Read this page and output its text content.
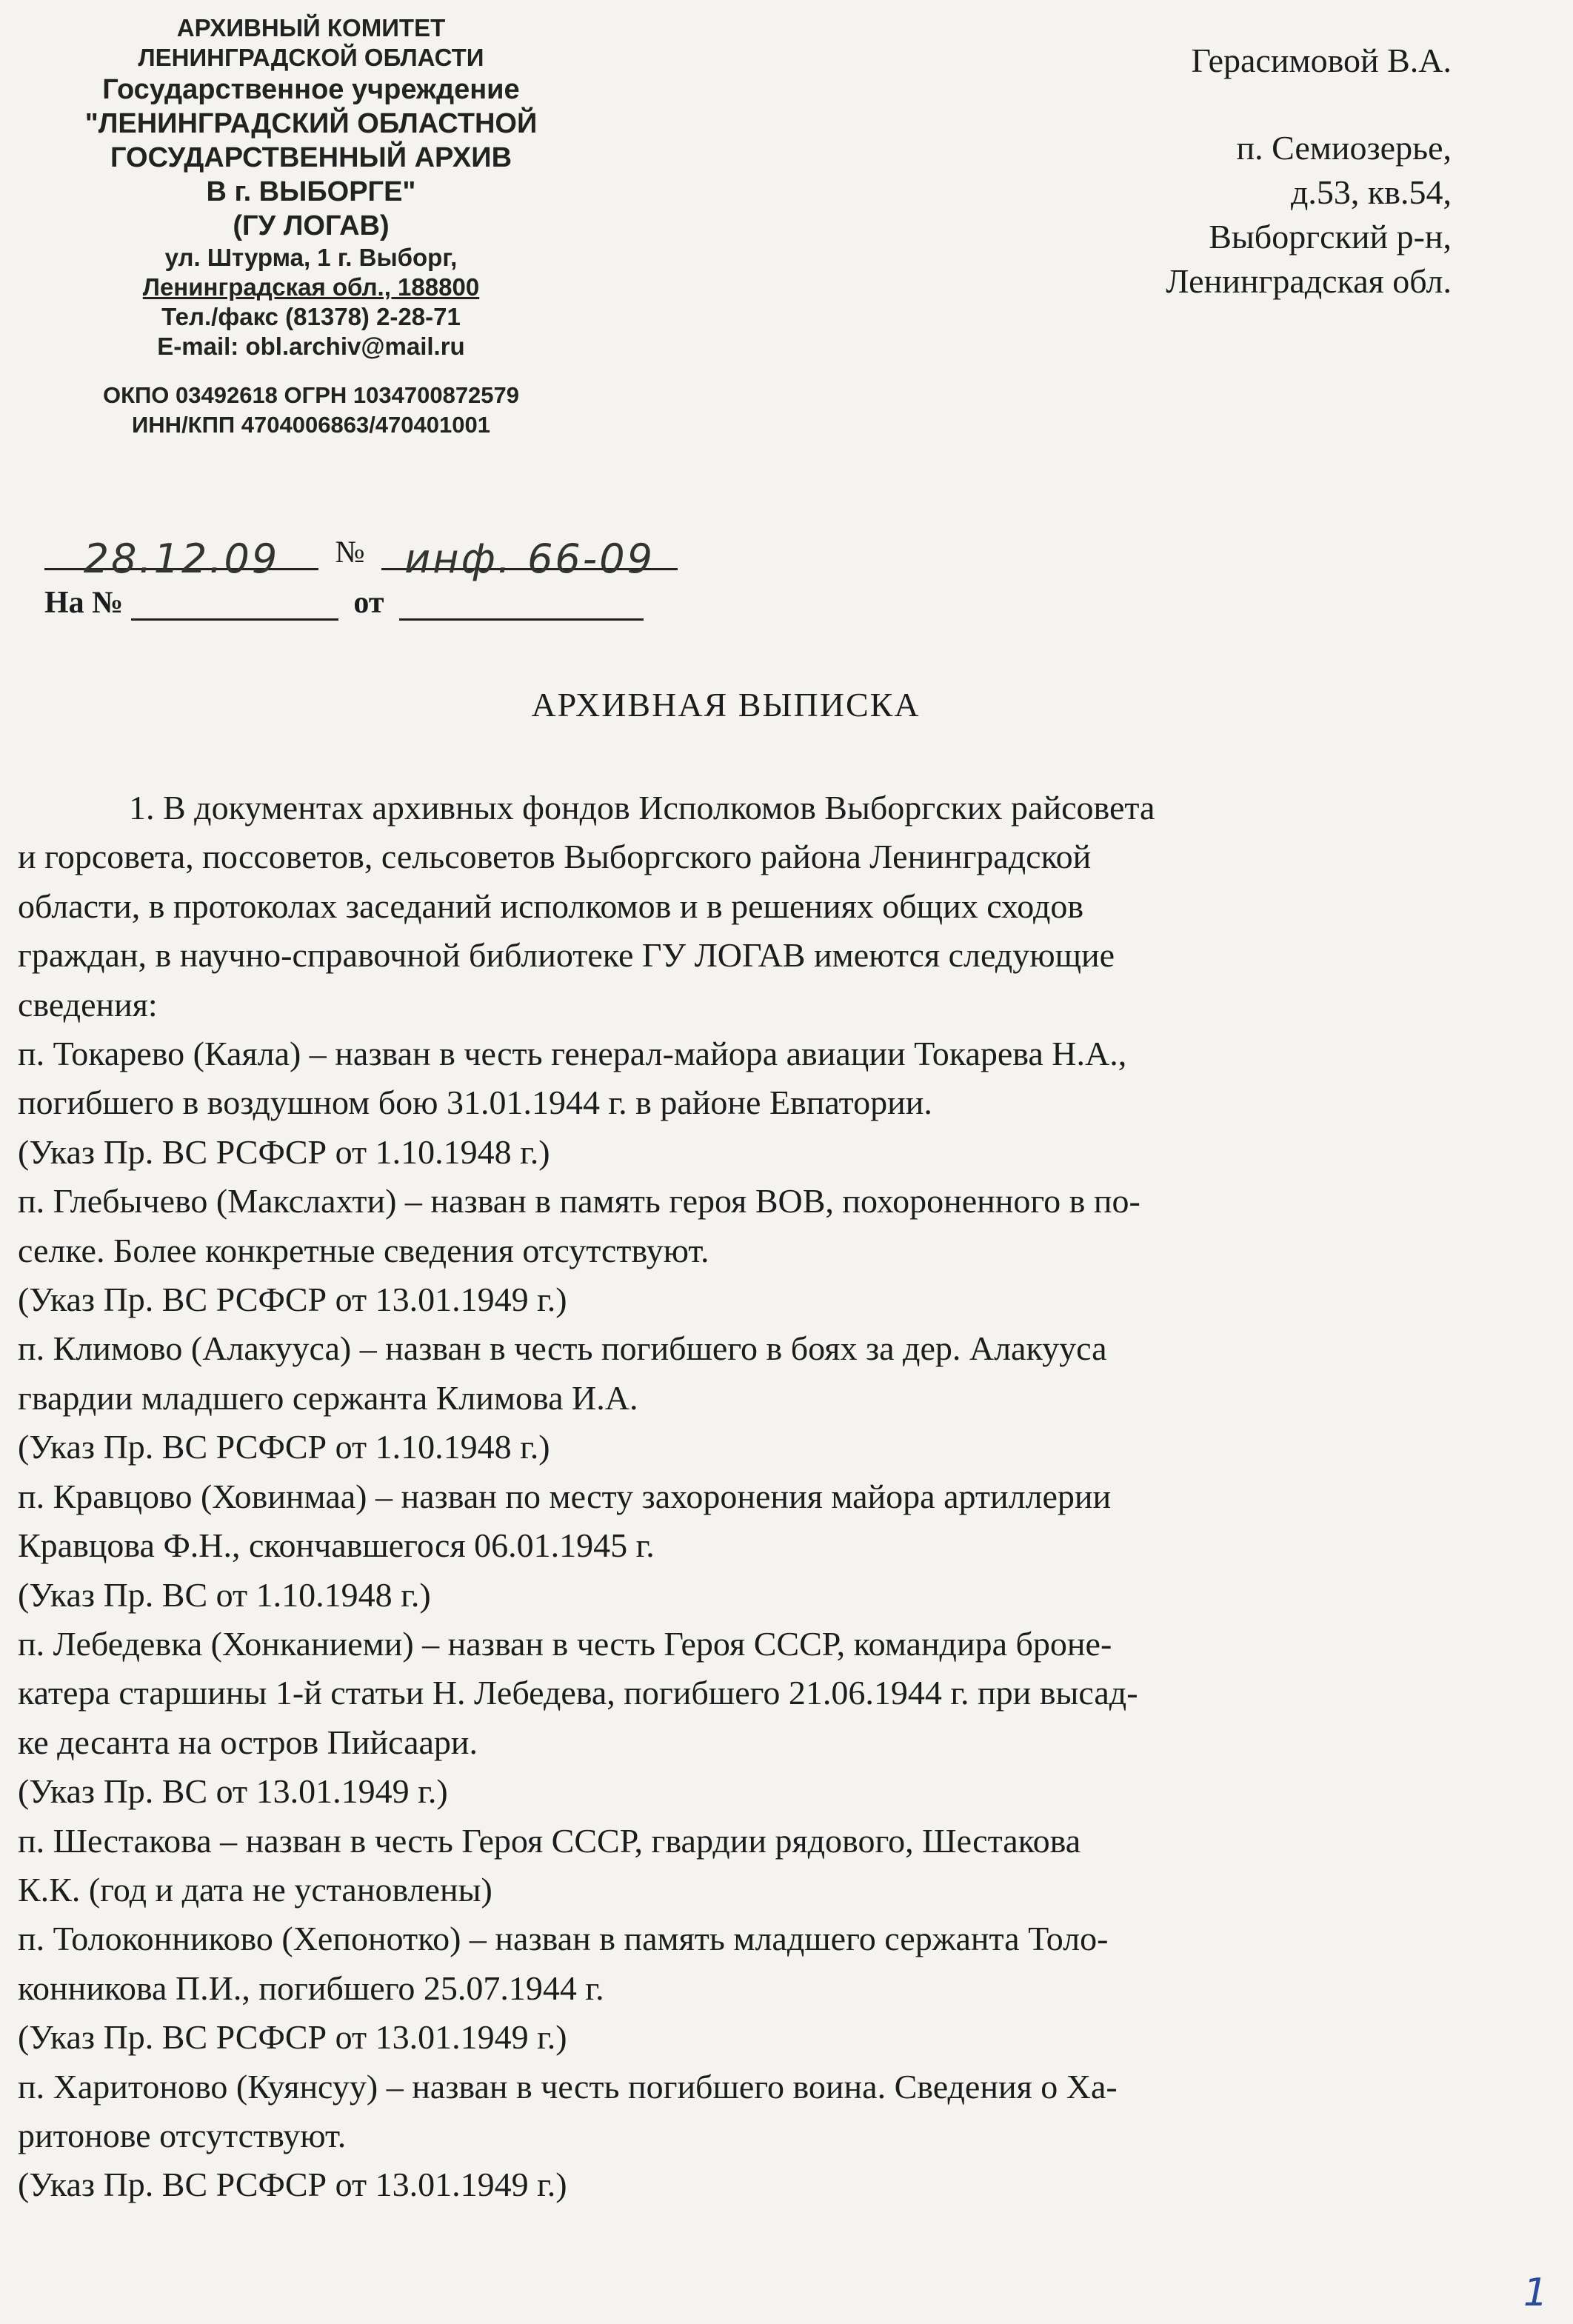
АРХИВНЫЙ КОМИТЕТ
ЛЕНИНГРАДСКОЙ ОБЛАСТИ
Государственное учреждение
"ЛЕНИНГРАДСКИЙ ОБЛАСТНОЙ
ГОСУДАРСТВЕННЫЙ АРХИВ
В г. ВЫБОРГЕ"
(ГУ ЛОГАВ)
ул. Штурма, 1 г. Выборг,
Ленинградская обл., 188800
Тел./факс (81378) 2-28-71
E-mail: obl.archiv@mail.ru
ОКПО 03492618 ОГРН 1034700872579
ИНН/КПП 4704006863/470401001
Герасимовой В.А.
п. Семиозерье,
д.53, кв.54,
Выборгский р-н,
Ленинградская обл.
28.12.09 № инф. 66-09
На №	от
АРХИВНАЯ ВЫПИСКА
1. В документах архивных фондов Исполкомов Выборгских райсовета
и горсовета, поссоветов, сельсоветов Выборгского района Ленинградской
области, в протоколах заседаний исполкомов и в решениях общих сходов
граждан, в научно-справочной библиотеке ГУ ЛОГАВ имеются следующие
сведения:
п. Токарево (Каяла) – назван в честь генерал-майора авиации Токарева Н.А.,
погибшего в воздушном бою 31.01.1944 г. в районе Евпатории.
(Указ Пр. ВС РСФСР от 1.10.1948 г.)
п. Глебычево (Макслахти) – назван в память героя ВОВ, похороненного в по-
селке. Более конкретные сведения отсутствуют.
(Указ Пр. ВС РСФСР от 13.01.1949 г.)
п. Климово (Алакууса) – назван в честь погибшего в боях за дер. Алакууса
гвардии младшего сержанта Климова И.А.
(Указ Пр. ВС РСФСР от 1.10.1948 г.)
п. Кравцово (Ховинмаа) – назван по месту захоронения майора артиллерии
Кравцова Ф.Н., скончавшегося 06.01.1945 г.
(Указ Пр. ВС от 1.10.1948 г.)
п. Лебедевка (Хонканиеми) – назван в честь Героя СССР, командира броне-
катера старшины 1-й статьи Н. Лебедева, погибшего 21.06.1944 г. при высад-
ке десанта на остров Пийсаари.
(Указ Пр. ВС от 13.01.1949 г.)
п. Шестакова – назван в честь Героя СССР, гвардии рядового, Шестакова
К.К. (год и дата не установлены)
п. Толоконниково (Хепонотко) – назван в память младшего сержанта Толо-
конникова П.И., погибшего 25.07.1944 г.
(Указ Пр. ВС РСФСР от 13.01.1949 г.)
п. Харитоново (Куянсуу) – назван в честь погибшего воина. Сведения о Ха-
ритонове отсутствуют.
(Указ Пр. ВС РСФСР от 13.01.1949 г.)
1
